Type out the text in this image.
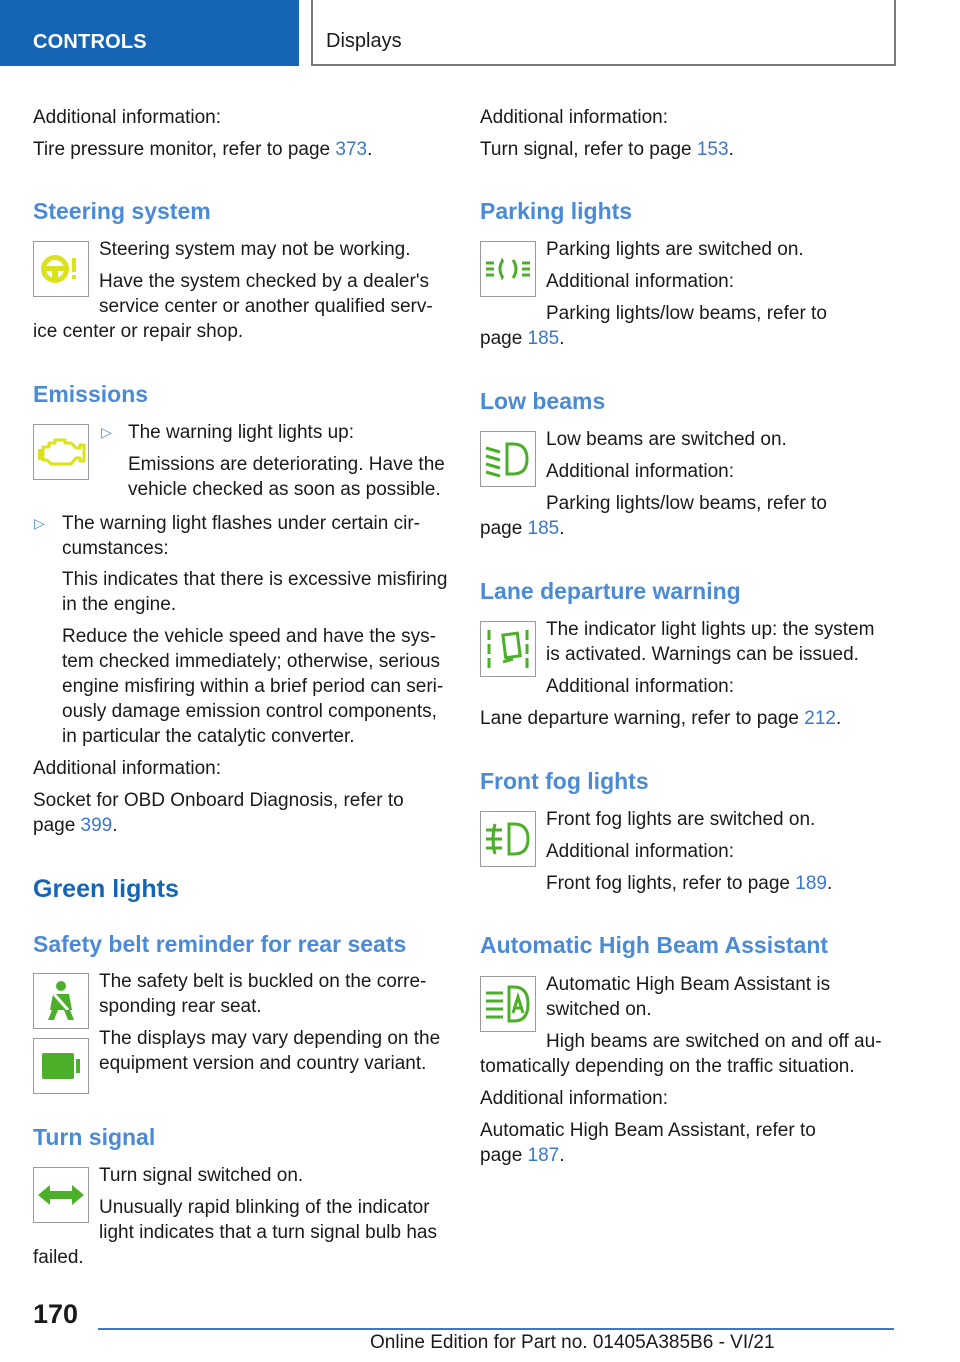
CONTROLS	Displays
Additional information:
Tire pressure monitor, refer to page 373.
Steering system
Steering system may not be working.
Have the system checked by a dealer's
service center or another qualified serv-
ice center or repair shop.
Emissions
▷ The warning light lights up:
Emissions are deteriorating. Have the
vehicle checked as soon as possible.
▷ The warning light flashes under certain cir-
cumstances:
This indicates that there is excessive misfiring
in the engine.
Reduce the vehicle speed and have the sys-
tem checked immediately; otherwise, serious
engine misfiring within a brief period can seri-
ously damage emission control components,
in particular the catalytic converter.
Additional information:
Socket for OBD Onboard Diagnosis, refer to
page 399.
Green lights
Safety belt reminder for rear seats
The safety belt is buckled on the corre-
sponding rear seat.
The displays may vary depending on the
equipment version and country variant.
Turn signal
Turn signal switched on.
Unusually rapid blinking of the indicator
light indicates that a turn signal bulb has
failed.
Additional information:
Turn signal, refer to page 153.
Parking lights
Parking lights are switched on.
Additional information:
Parking lights/low beams, refer to
page 185.
Low beams
Low beams are switched on.
Additional information:
Parking lights/low beams, refer to
page 185.
Lane departure warning
The indicator light lights up: the system
is activated. Warnings can be issued.
Additional information:
Lane departure warning, refer to page 212.
Front fog lights
Front fog lights are switched on.
Additional information:
Front fog lights, refer to page 189.
Automatic High Beam Assistant
Automatic High Beam Assistant is
switched on.
High beams are switched on and off au-
tomatically depending on the traffic situation.
Additional information:
Automatic High Beam Assistant, refer to
page 187.
170
Online Edition for Part no. 01405A385B6 - VI/21
